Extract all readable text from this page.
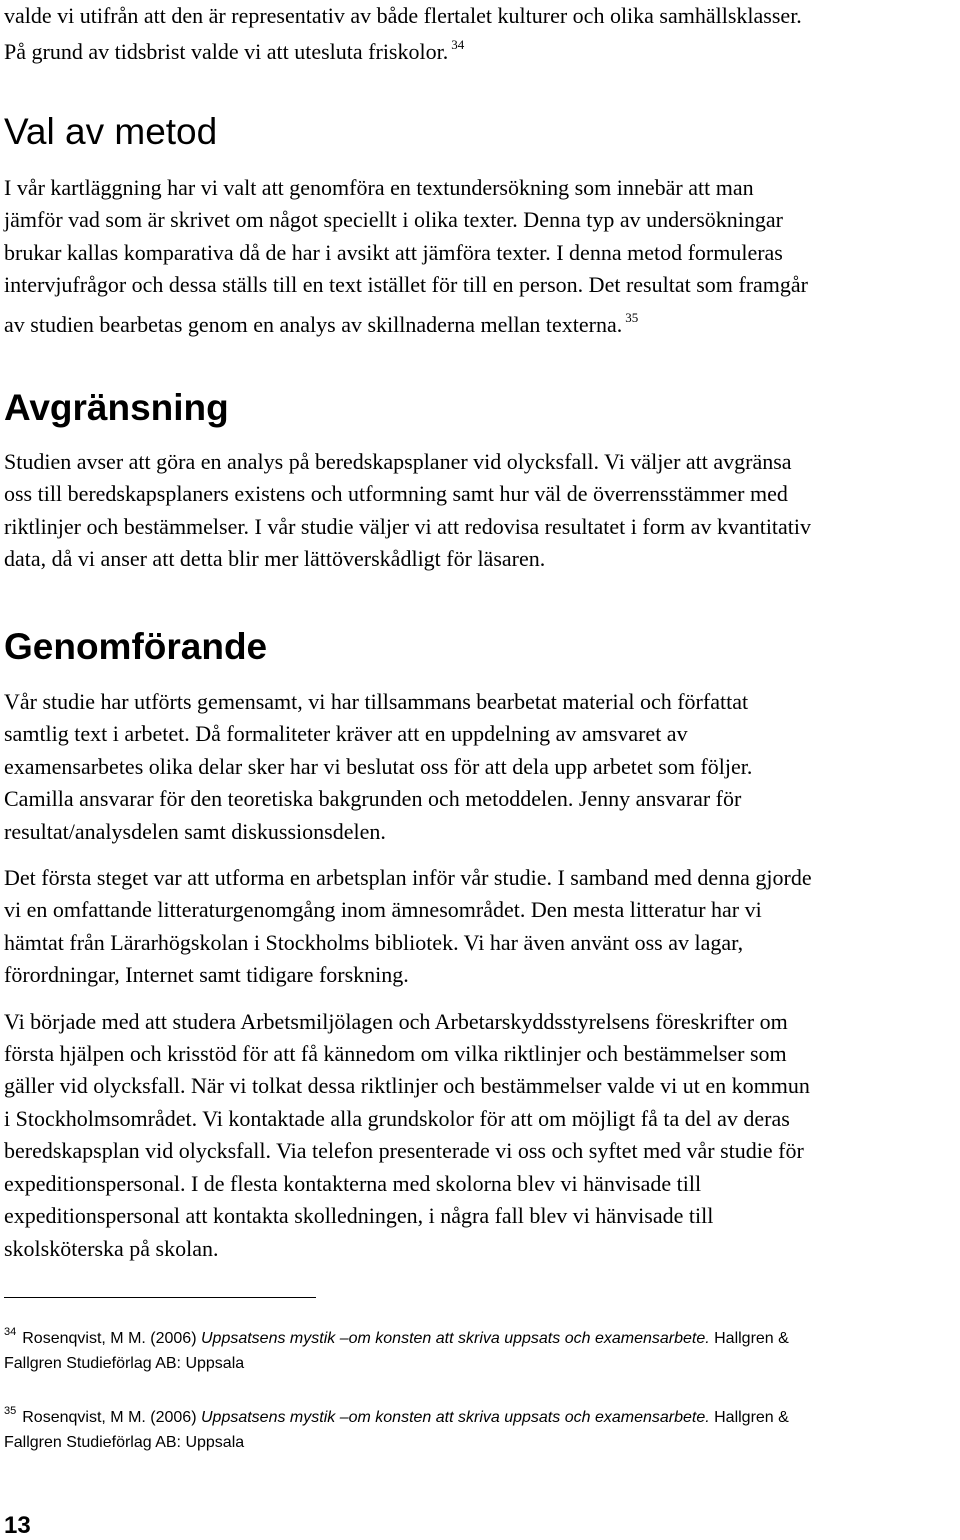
valde vi utifrån att den är representativ av både flertalet kulturer och olika samhällsklasser.
På grund av tidsbrist valde vi att utesluta friskolor. $^{34}$
Val av metod
I vår kartläggning har vi valt att genomföra en textundersökning som innebär att man
jämför vad som är skrivet om något speciellt i olika texter. Denna typ av undersökningar
brukar kallas komparativa då de har i avsikt att jämföra texter. I denna metod formuleras
intervjufrågor och dessa ställs till en text istället för till en person. Det resultat som framgår
av studien bearbetas genom en analys av skillnaderna mellan texterna. $^{35}$
Avgränsning
Studien avser att göra en analys på beredskapsplaner vid olycksfall. Vi väljer att avgränsa
oss till beredskapsplaners existens och utformning samt hur väl de överrensstämmer med
riktlinjer och bestämmelser. I vår studie väljer vi att redovisa resultatet i form av kvantitativ
data, då vi anser att detta blir mer lättöverskådligt för läsaren.
Genomförande
Vår studie har utförts gemensamt, vi har tillsammans bearbetat material och författat
samtlig text i arbetet. Då formaliteter kräver att en uppdelning av amsvaret av
examensarbetes olika delar sker har vi beslutat oss för att dela upp arbetet som följer.
Camilla ansvarar för den teoretiska bakgrunden och metoddelen. Jenny ansvarar för
resultat/analysdelen samt diskussionsdelen.
Det första steget var att utforma en arbetsplan inför vår studie. I samband med denna gjorde
vi en omfattande litteraturgenomgång inom ämnesområdet. Den mesta litteratur har vi
hämtat från Lärarhögskolan i Stockholms bibliotek. Vi har även använt oss av lagar,
förordningar, Internet samt tidigare forskning.
Vi började med att studera Arbetsmiljölagen och Arbetarskyddsstyrelsens föreskrifter om
första hjälpen och krisstöd för att få kännedom om vilka riktlinjer och bestämmelser som
gäller vid olycksfall. När vi tolkat dessa riktlinjer och bestämmelser valde vi ut en kommun
i Stockholmsområdet. Vi kontaktade alla grundskolor för att om möjligt få ta del av deras
beredskapsplan vid olycksfall. Via telefon presenterade vi oss och syftet med vår studie för
expeditionspersonal. I de flesta kontakterna med skolorna blev vi hänvisade till
expeditionspersonal att kontakta skolledningen, i några fall blev vi hänvisade till
skolsköterska på skolan.
$^{34}$ Rosenqvist, M M. (2006) Uppsatsens mystik –om konsten att skriva uppsats och examensarbete. Hallgren &
Fallgren Studieförlag AB: Uppsala
$^{35}$ Rosenqvist, M M. (2006) Uppsatsens mystik –om konsten att skriva uppsats och examensarbete. Hallgren &
Fallgren Studieförlag AB: Uppsala
13
